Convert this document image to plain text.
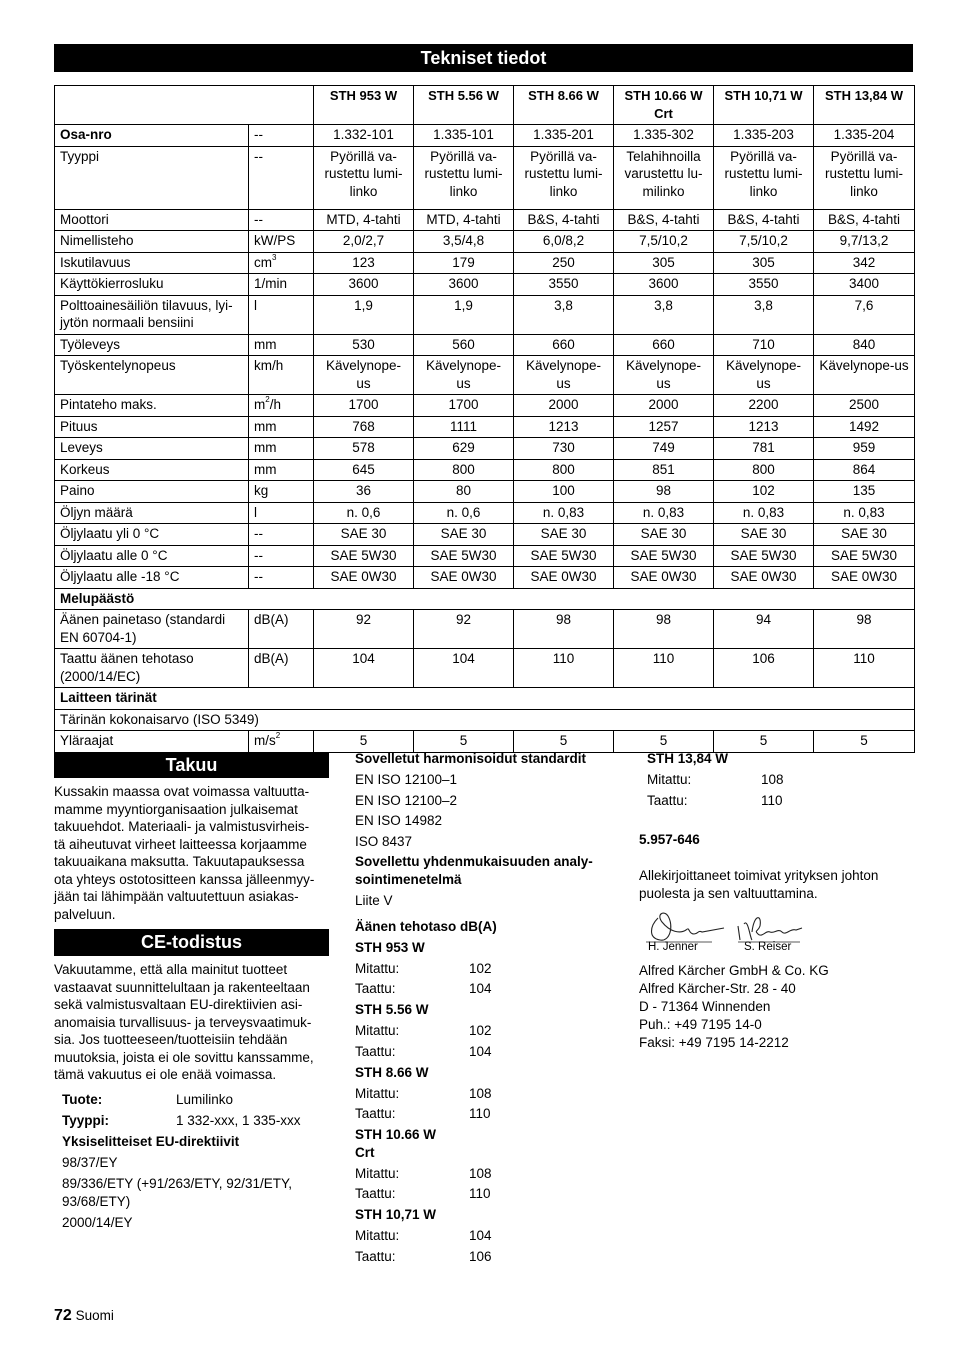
Tekniset tiedot
		STH 953 W	STH 5.56 W	STH 8.66 W	STH 10.66 W Crt	STH 10,71 W	STH 13,84 W
Osa-nro	--	1.332-101	1.335-101	1.335-201	1.335-302	1.335-203	1.335-204
Tyyppi	--	Pyörillä va-rustettu lumi-linko	Pyörillä va-rustettu lumi-linko	Pyörillä va-rustettu lumi-linko	Telahihnoilla varustettu lu-milinko	Pyörillä va-rustettu lumi-linko	Pyörillä va-rustettu lumi-linko
Moottori	--	MTD, 4-tahti	MTD, 4-tahti	B&S, 4-tahti	B&S, 4-tahti	B&S, 4-tahti	B&S, 4-tahti
Nimellisteho	kW/PS	2,0/2,7	3,5/4,8	6,0/8,2	7,5/10,2	7,5/10,2	9,7/13,2
Iskutilavuus	$cm^3$	123	179	250	305	305	342
Käyttökierrosluku	1/min	3600	3600	3550	3600	3550	3400
Polttoainesäiliön tilavuus, lyi-jytön normaali bensiini	l	1,9	1,9	3,8	3,8	3,8	7,6
Työleveys	mm	530	560	660	660	710	840
Työskentelynopeus	km/h	Kävelynope-us	Kävelynope-us	Kävelynope-us	Kävelynope-us	Kävelynope-us	Kävelynope-us
Pintateho maks.	$m^2/h$	1700	1700	2000	2000	2200	2500
Pituus	mm	768	1111	1213	1257	1213	1492
Leveys	mm	578	629	730	749	781	959
Korkeus	mm	645	800	800	851	800	864
Paino	kg	36	80	100	98	102	135
Öljyn määrä	l	n. 0,6	n. 0,6	n. 0,83	n. 0,83	n. 0,83	n. 0,83
Öljylaatu yli 0 °C	--	SAE 30	SAE 30	SAE 30	SAE 30	SAE 30	SAE 30
Öljylaatu alle 0 °C	--	SAE 5W30	SAE 5W30	SAE 5W30	SAE 5W30	SAE 5W30	SAE 5W30
Öljylaatu alle -18 °C	--	SAE 0W30	SAE 0W30	SAE 0W30	SAE 0W30	SAE 0W30	SAE 0W30
Melupäästö							
Äänen painetaso (standardi EN 60704-1)	dB(A)	92	92	98	98	94	98
Taattu äänen tehotaso (2000/14/EC)	dB(A)	104	104	110	110	106	110
Laitteen tärinät							
Tärinän kokonaisarvo (ISO 5349)							
Yläraajat	$m/s^2$	5	5	5	5	5	5
Takuu
Kussakin maassa ovat voimassa valtuutta-
mamme myyntiorganisaation julkaisemat
takuuehdot. Materiaali- ja valmistusvirheis-
tä aiheutuvat virheet laitteessa korjaamme
takuuaikana maksutta. Takuutapauksessa
ota yhteys ostotositteen kanssa jälleenmyy-
jään tai lähimpään valtuutettuun asiakas-
palveluun.
CE-todistus
Vakuutamme, että alla mainitut tuotteet
vastaavat suunnittelultaan ja rakenteeltaan
sekä valmistusvaltaan EU-direktiivien asi-
anomaisia turvallisuus- ja terveysvaatimuk-
sia. Jos tuotteeseen/tuotteisiin tehdään
muutoksia, joista ei ole sovittu kanssamme,
tämä vakuutus ei ole enää voimassa.
Tuote:	Lumilinko
Tyyppi:	1 332-xxx, 1 335-xxx
Yksiselitteiset EU-direktiivit
98/37/EY
89/336/ETY (+91/263/ETY, 92/31/ETY,
93/68/ETY)
2000/14/EY
Sovelletut harmonisoidut standardit
EN ISO 12100–1
EN ISO 12100–2
EN ISO 14982
ISO 8437
Sovellettu yhdenmukaisuuden analy-
sointimenetelmä
Liite V
Äänen tehotaso dB(A)
STH 953 W
Mitattu:	102
Taattu:	104
STH 5.56 W
Mitattu:	102
Taattu:	104
STH 8.66 W
Mitattu:	108
Taattu:	110
STH 10.66 W
Crt
Mitattu:	108
Taattu:	110
STH 10,71 W
Mitattu:	104
Taattu:	106
STH 13,84 W
Mitattu:	108
Taattu:	110
5.957-646
Allekirjoittaneet toimivat yrityksen johton
puolesta ja sen valtuuttamina.
H. Jenner	S. Reiser
Alfred Kärcher GmbH & Co. KG
Alfred Kärcher-Str. 28 - 40
D - 71364 Winnenden
Puh.: +49 7195 14-0
Faksi: +49 7195 14-2212
72 Suomi
